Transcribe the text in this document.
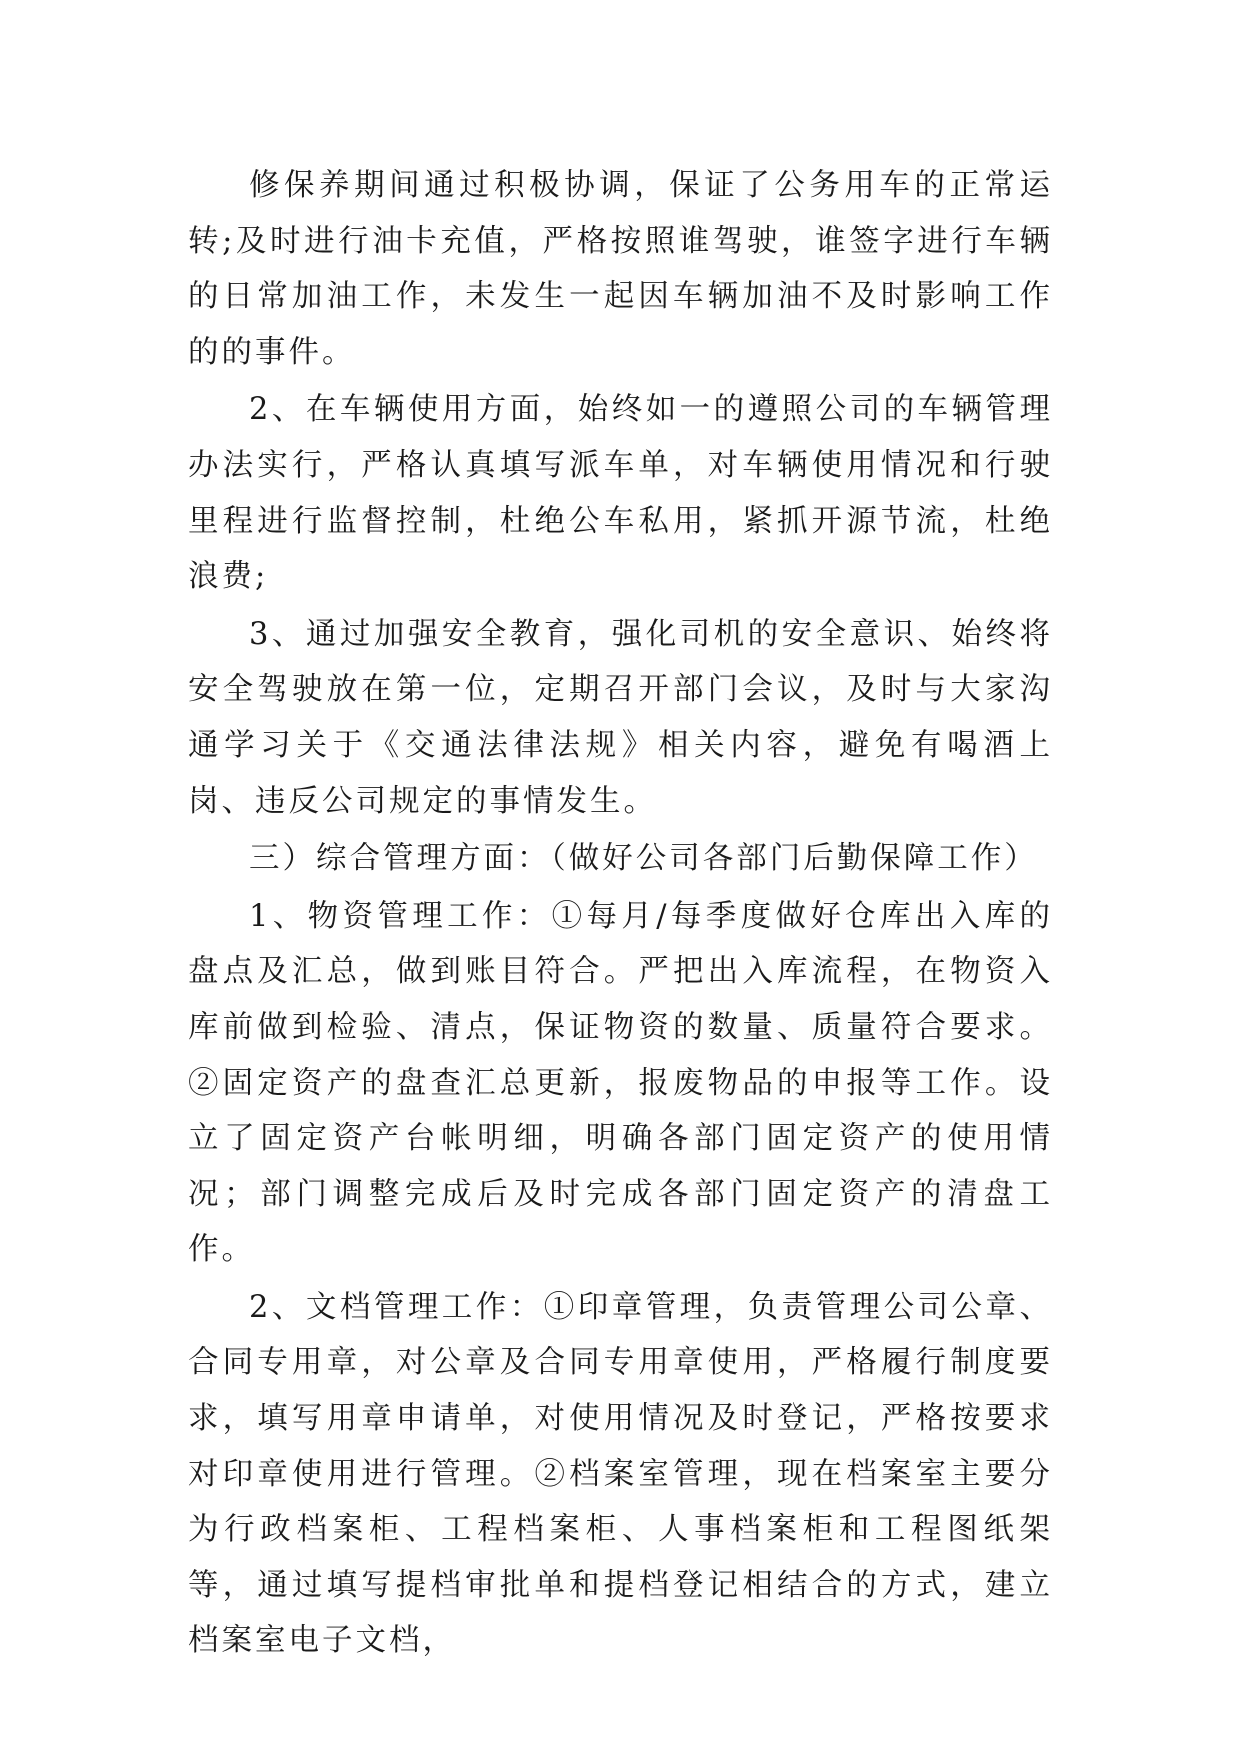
修保养期间通过积极协调，保证了公务用车的正常运转;及时进行油卡充值，严格按照谁驾驶，谁签字进行车辆的日常加油工作，未发生一起因车辆加油不及时影响工作的的事件。

2、在车辆使用方面，始终如一的遵照公司的车辆管理办法实行，严格认真填写派车单，对车辆使用情况和行驶里程进行监督控制，杜绝公车私用，紧抓开源节流，杜绝浪费;

3、通过加强安全教育，强化司机的安全意识、始终将安全驾驶放在第一位，定期召开部门会议，及时与大家沟通学习关于《交通法律法规》相关内容，避免有喝酒上岗、违反公司规定的事情发生。

三）综合管理方面：（做好公司各部门后勤保障工作）

1、物资管理工作：①每月/每季度做好仓库出入库的盘点及汇总，做到账目符合。严把出入库流程，在物资入库前做到检验、清点，保证物资的数量、质量符合要求。②固定资产的盘查汇总更新，报废物品的申报等工作。设立了固定资产台帐明细，明确各部门固定资产的使用情况；部门调整完成后及时完成各部门固定资产的清盘工作。

2、文档管理工作：①印章管理，负责管理公司公章、合同专用章，对公章及合同专用章使用，严格履行制度要求，填写用章申请单，对使用情况及时登记，严格按要求对印章使用进行管理。②档案室管理，现在档案室主要分为行政档案柜、工程档案柜、人事档案柜和工程图纸架等，通过填写提档审批单和提档登记相结合的方式，建立档案室电子文档，
